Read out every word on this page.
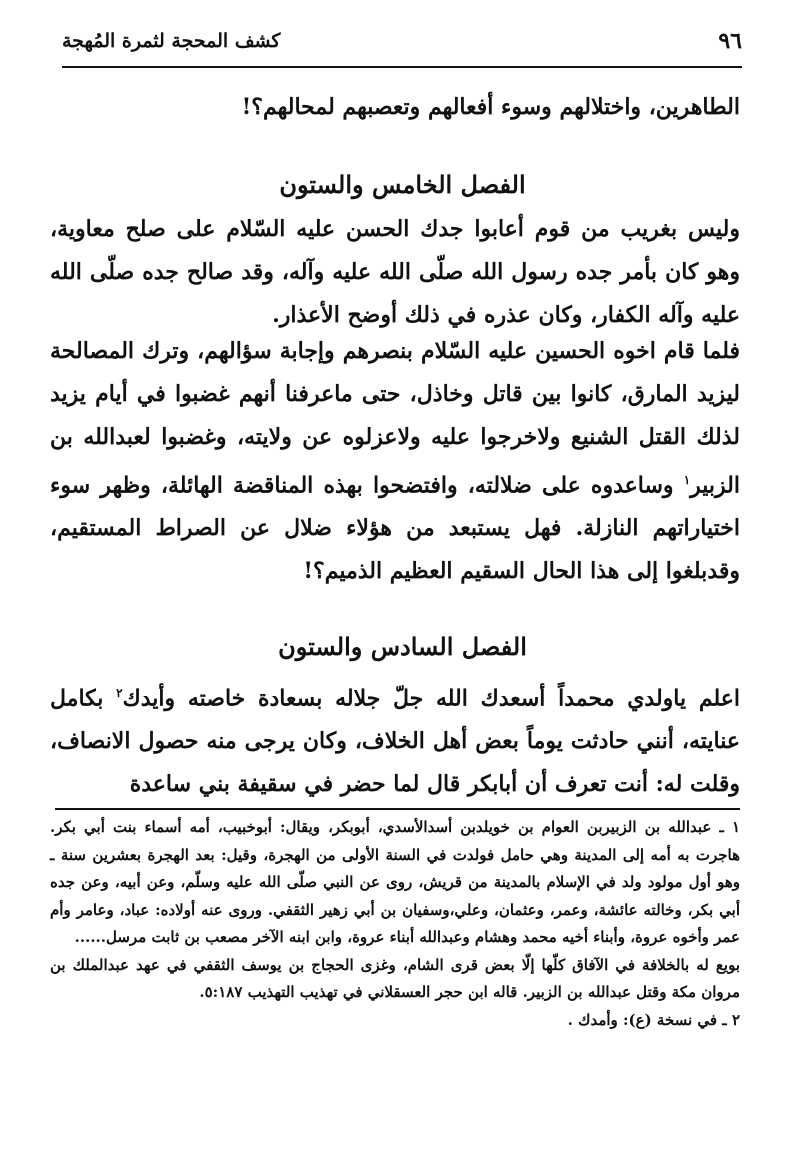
٩٦
كشف المحجة لثمرة المُهجة
الطاهرين، واختلالهم وسوء أفعالهم وتعصبهم لمحالهم؟!
الفصل الخامس والستون
وليس بغريب من قوم أعابوا جدك الحسن عليه السّلام على صلح معاوية، وهو كان بأمر جده رسول الله صلّى الله عليه وآله، وقد صالح جده صلّى الله عليه وآله الكفار، وكان عذره في ذلك أوضح الأعذار.
فلما قام اخوه الحسين عليه السّلام بنصرهم وإجابة سؤالهم، وترك المصالحة ليزيد المارق، كانوا بين قاتل وخاذل، حتى ماعرفنا أنهم غضبوا في أيام يزيد لذلك القتل الشنيع ولاخرجوا عليه ولاعزلوه عن ولايته، وغضبوا لعبدالله بن الزبير$^١$ وساعدوه على ضلالته، وافتضحوا بهذه المناقضة الهائلة، وظهر سوء اختياراتهم النازلة. فهل يستبعد من هؤلاء ضلال عن الصراط المستقيم، وقدبلغوا إلى هذا الحال السقيم العظيم الذميم؟!
الفصل السادس والستون
اعلم ياولدي محمداً أسعدك الله جلّ جلاله بسعادة خاصته وأيدك$^٢$ بكامل عنايته، أنني حادثت يوماً بعض أهل الخلاف، وكان يرجى منه حصول الانصاف، وقلت له: أنت تعرف أن أبابكر قال لما حضر في سقيفة بني ساعدة

١ ـ عبدالله بن الزبيربن العوام بن خويلدبن أسدالأسدي، أبوبكر، ويقال: أبوخبيب، أمه أسماء بنت أبي بكر. هاجرت به أمه إلى المدينة وهي حامل فولدت في السنة الأولى من الهجرة، وقيل: بعد الهجرة بعشرين سنة ـ وهو أول مولود ولد في الإسلام بالمدينة من قريش، روى عن النبي صلّى الله عليه وسلّم، وعن أبيه، وعن جده أبي بكر، وخالته عائشة، وعمر، وعثمان، وعلي،وسفيان بن أبي زهير الثقفي. وروى عنه أولاده: عباد، وعامر وأم عمر وأخوه عروة، وأبناء أخيه محمد وهشام وعبدالله أبناء عروة، وابن ابنه الآخر مصعب بن ثابت مرسل......

بويع له بالخلافة في الآفاق كلّها إلّا بعض قرى الشام، وغزى الحجاج بن يوسف الثقفي في عهد عبدالملك بن مروان مكة وقتل عبدالله بن الزبير. قاله ابن حجر العسقلاني في تهذيب التهذيب ٥:١٨٧.

٢ ـ في نسخة (ع): وأمدك .
